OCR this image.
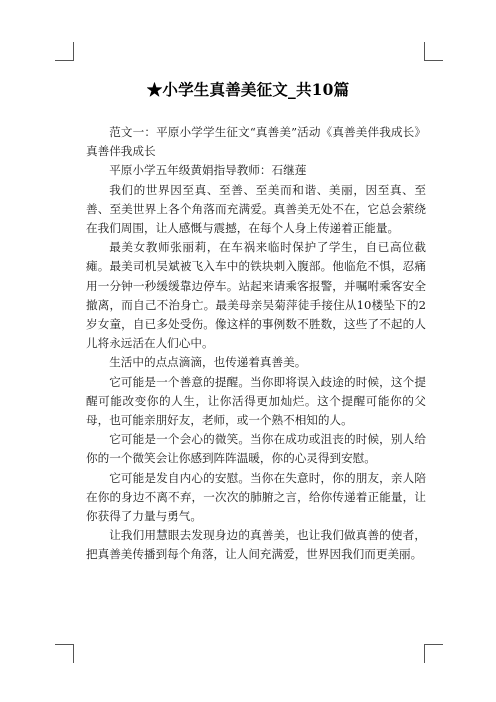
★小学生真善美征文_共10篇

范文一：平原小学学生征文“真善美”活动《真善美伴我成长》真善伴我成长

平原小学五年级黄娟指导教师：石继莲

我们的世界因至真、至善、至美而和谐、美丽，因至真、至善、至美世界上各个角落而充满爱。真善美无处不在，它总会萦绕在我们周围，让人感慨与震撼，在每个人身上传递着正能量。

最美女教师张丽莉，在车祸来临时保护了学生，自已高位截瘫。最美司机吴斌被飞入车中的铁块刺入腹部。他临危不惧，忍痛用一分钟一秒缓缓靠边停车。站起来请乘客报警，并嘱咐乘客安全撤离，而自己不治身亡。最美母亲吴菊萍徒手接住从10楼坠下的2岁女童，自已多处受伤。像这样的事例数不胜数，这些了不起的人儿将永远活在人们心中。

生活中的点点滴滴，也传递着真善美。

它可能是一个善意的提醒。当你即将误入歧途的时候，这个提醒可能改变你的人生，让你活得更加灿烂。这个提醒可能你的父母，也可能亲朋好友，老师，或一个熟不相知的人。

它可能是一个会心的微笑。当你在成功或沮丧的时候，别人给你的一个微笑会让你感到阵阵温暖，你的心灵得到安慰。

它可能是发自内心的安慰。当你在失意时，你的朋友，亲人陪在你的身边不离不弃，一次次的肺腑之言，给你传递着正能量，让你获得了力量与勇气。

让我们用慧眼去发现身边的真善美，也让我们做真善的使者，把真善美传播到每个角落，让人间充满爱，世界因我们而更美丽。
